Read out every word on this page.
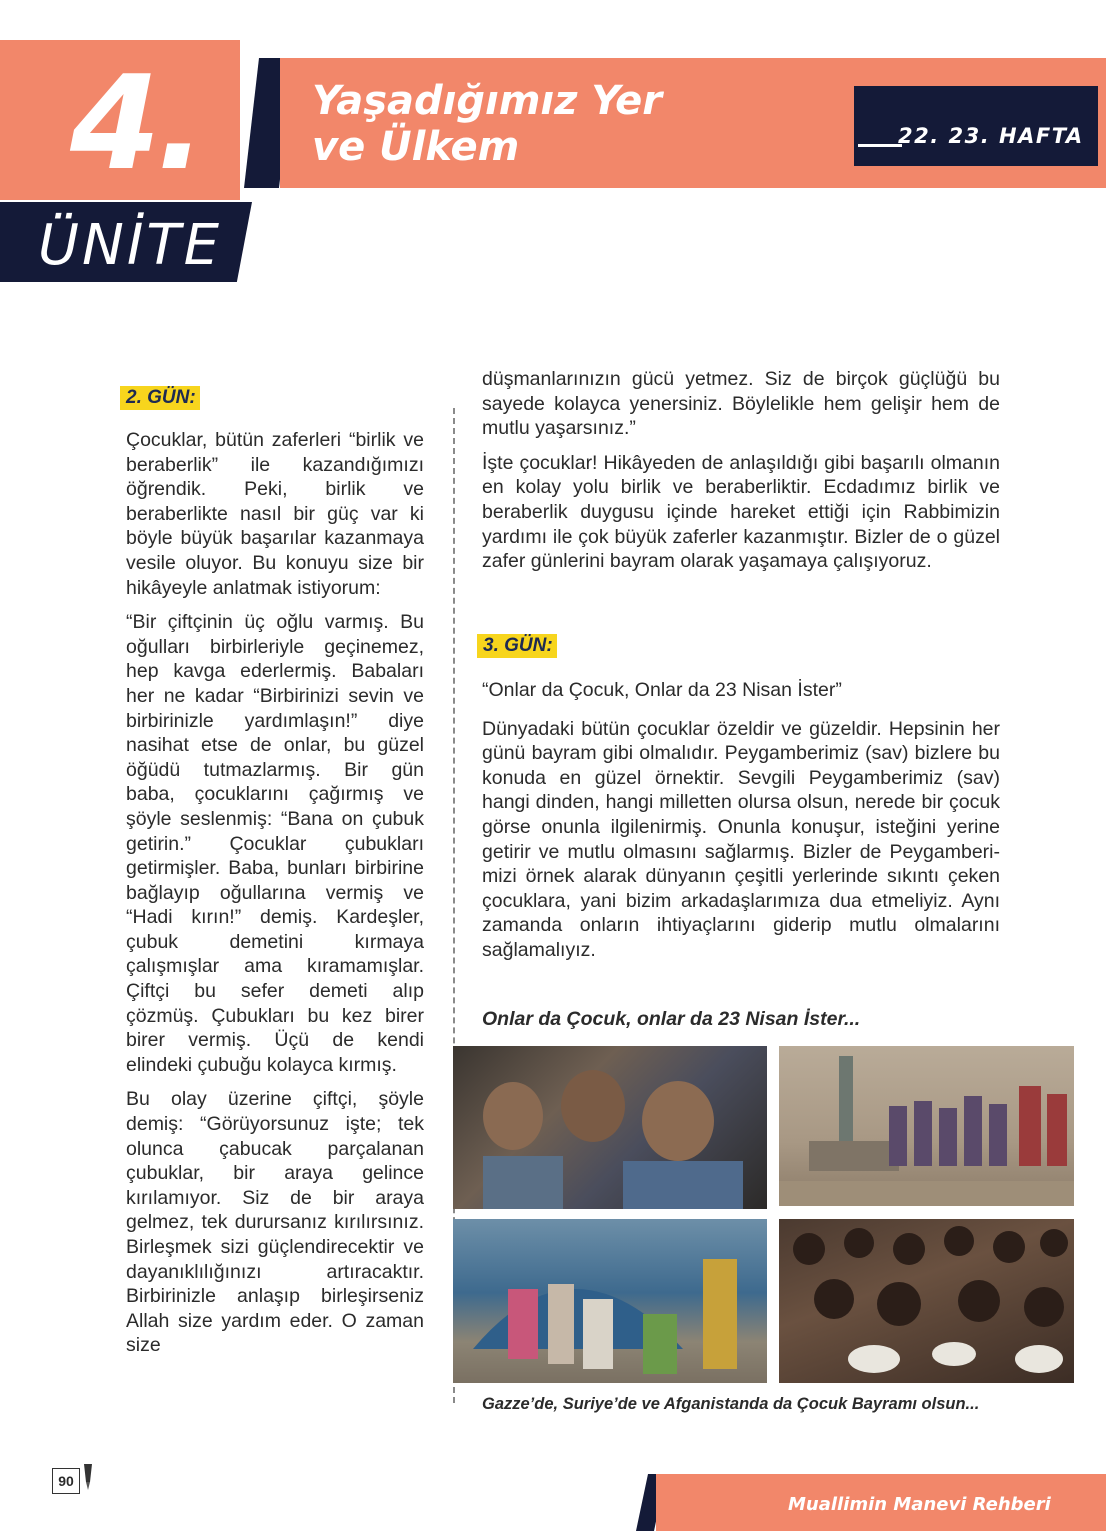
4.
ÜNİTE
Yaşadığımız Yer
ve Ülkem	22. 23. HAFTA
2. GÜN:

Çocuklar, bütün zaferleri “birlik ve beraberlik” ile kazandığımızı öğrendik. Peki, birlik ve beraberlikte nasıl bir güç var ki böyle büyük başarılar kazanmaya vesile oluyor. Bu konuyu size bir hikâyeyle anlatmak istiyorum:

“Bir çiftçinin üç oğlu varmış. Bu oğulları birbirleriyle geçinemez, hep kavga ederlermiş. Babaları her ne kadar “Birbirinizi sevin ve birbirinizle yardımlaşın!” diye nasihat etse de onlar, bu güzel öğüdü tutmazlarmış. Bir gün baba, çocuklarını çağırmış ve şöyle seslenmiş: “Bana on çubuk getirin.” Çocuklar çubukları getirmişler. Baba, bunları birbirine bağlayıp oğullarına vermiş ve “Hadi kırın!” demiş. Kardeşler, çubuk demetini kırmaya çalışmışlar ama kıramamışlar. Çiftçi bu sefer demeti alıp çözmüş. Çubukları bu kez birer birer vermiş. Üçü de kendi elindeki çubuğu kolayca kırmış.

Bu olay üzerine çiftçi, şöyle demiş: “Görüyorsunuz işte; tek olunca çabucak parçalanan çubuklar, bir araya gelince kırılamıyor. Siz de bir araya gelmez, tek durursanız kırılırsınız. Birleşmek sizi güçlendirecektir ve dayanıklılığınızı artıracaktır. Birbirinizle anlaşıp birleşirseniz Allah size yardım eder. O zaman size

düşmanlarınızın gücü yetmez. Siz de birçok güçlüğü bu sayede kolayca yenersiniz. Böylelikle hem gelişir hem de mutlu yaşarsınız.”

İşte çocuklar! Hikâyeden de anlaşıldığı gibi başarılı olmanın en kolay yolu birlik ve beraberliktir. Ecdadımız birlik ve beraberlik duygusu içinde hareket ettiği için Rabbimizin yardımı ile çok büyük zaferler kazanmıştır. Bizler de o güzel zafer günlerini bayram olarak yaşamaya çalışıyoruz.

3. GÜN:

“Onlar da Çocuk, Onlar da 23 Nisan İster”

Dünyadaki bütün çocuklar özeldir ve güzeldir. Hepsinin her günü bayram gibi olmalıdır. Peygamberimiz (sav) bizlere bu konuda en güzel örnektir. Sevgili Peygamberimiz (sav) hangi dinden, hangi milletten olursa olsun, nerede bir çocuk görse onunla ilgilenirmiş. Onunla konuşur, isteğini yerine getirir ve mutlu olmasını sağlarmış. Bizler de Peygamberimizi örnek alarak dünyanın çeşitli yerlerinde sıkıntı çeken çocuklara, yani bizim arkadaşlarımıza dua etmeliyiz. Aynı zamanda onların ihtiyaçlarını giderip mutlu olmalarını sağlamalıyız.

Onlar da Çocuk, onlar da 23 Nisan İster...
Gazze’de, Suriye’de ve Afganistanda da Çocuk Bayramı olsun...
90
Muallimin Manevi Rehberi
